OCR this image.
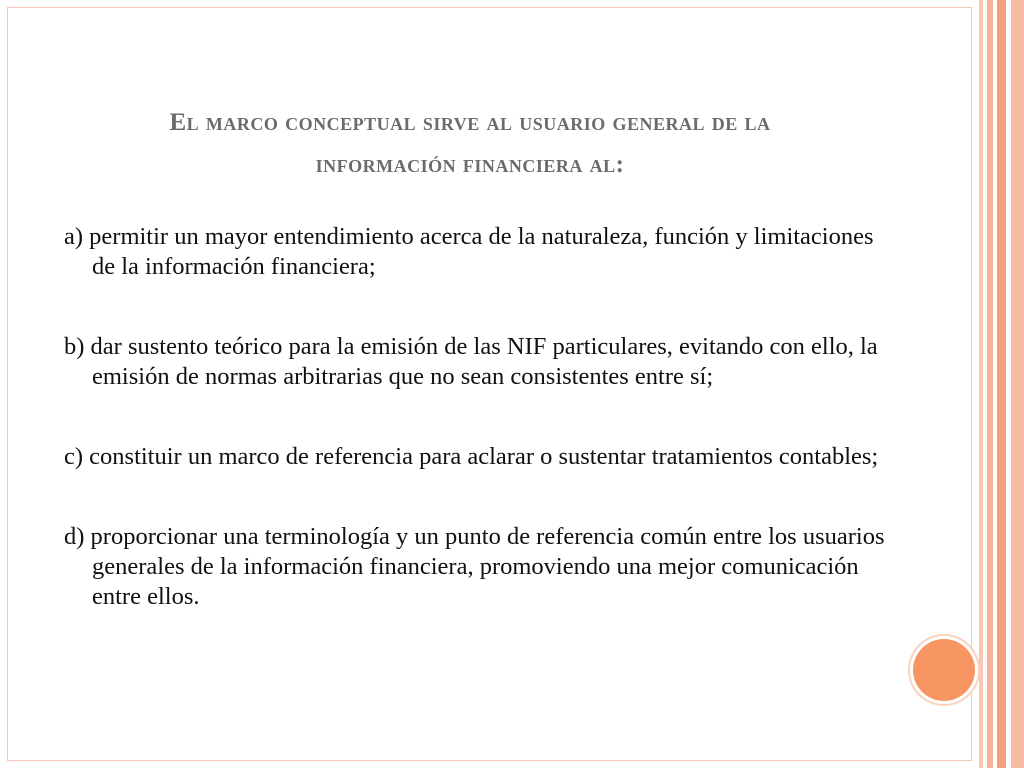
El marco conceptual sirve al usuario general de la
información financiera al:

a) permitir un mayor entendimiento acerca de la naturaleza, función y limitaciones de la información financiera;

b) dar sustento teórico para la emisión de las NIF particulares, evitando con ello, la emisión de normas arbitrarias que no sean consistentes entre sí;

c) constituir un marco de referencia para aclarar o sustentar tratamientos contables;

d) proporcionar una terminología y un punto de referencia común entre los usuarios generales de la información financiera, promoviendo una mejor comunicación entre ellos.
